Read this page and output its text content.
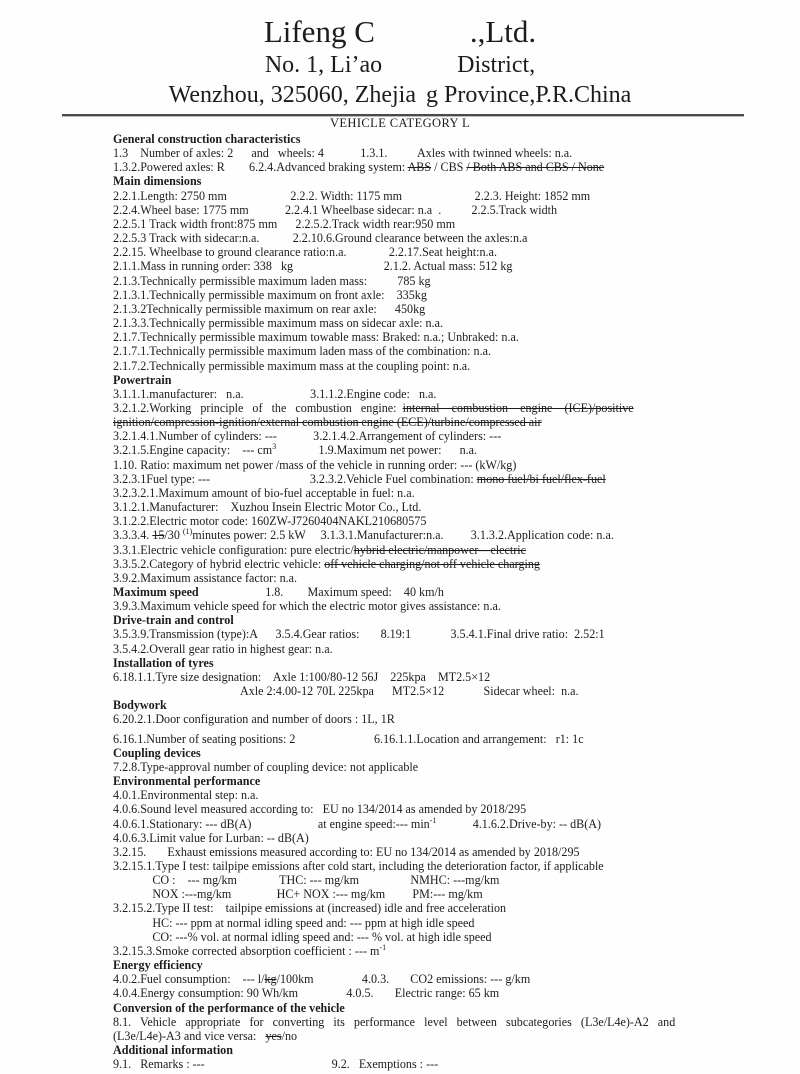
Lifeng C	.,Ltd.
No. 1, Li’ao	District,
Wenzhou, 325060, Zhejia g Province,P.R.China
VEHICLE CATEGORY L
General construction characteristics
1.3    Number of axles: 2      and   wheels: 4            1.3.1.          Axles with twinned wheels: n.a.
1.3.2.Powered axles: R        6.2.4.Advanced braking system: ABS / CBS / Both ABS and CBS / None
Main dimensions
2.2.1.Length: 2750 mm                     2.2.2. Width: 1175 mm                        2.2.3. Height: 1852 mm
2.2.4.Wheel base: 1775 mm            2.2.4.1 Wheelbase sidecar: n.a  .          2.2.5.Track width
2.2.5.1 Track width front:875 mm      2.2.5.2.Track width rear:950 mm
2.2.5.3 Track with sidecar:n.a.           2.2.10.6.Ground clearance between the axles:n.a
2.2.15. Wheelbase to ground clearance ratio:n.a.              2.2.17.Seat height:n.a.
2.1.1.Mass in running order: 338   kg                              2.1.2. Actual mass: 512 kg
2.1.3.Technically permissible maximum laden mass:          785 kg
2.1.3.1.Technically permissible maximum on front axle:    335kg
2.1.3.2Technically permissible maximum on rear axle:      450kg
2.1.3.3.Technically permissible maximum mass on sidecar axle: n.a.
2.1.7.Technically permissible maximum towable mass: Braked: n.a.; Unbraked: n.a.
2.1.7.1.Technically permissible maximum laden mass of the combination: n.a.
2.1.7.2.Technically permissible maximum mass at the coupling point: n.a.
Powertrain
3.1.1.1.manufacturer:   n.a.                      3.1.1.2.Engine code:   n.a.
3.2.1.2.Working   principle   of   the   combustion   engine:  internal    combustion    engine    (ICE)/positive
ignition/compression-ignition/external combustion engine (ECE)/turbine/compressed air
3.2.1.4.1.Number of cylinders: ---            3.2.1.4.2.Arrangement of cylinders: ---
3.2.1.5.Engine capacity:    --- $cm^3$              1.9.Maximum net power:      n.a.
1.10. Ratio: maximum net power /mass of the vehicle in running order: --- (kW/kg)
3.2.3.1Fuel type: ---                                 3.2.3.2.Vehicle Fuel combination: mono fuel/bi fuel/flex-fuel
3.2.3.2.1.Maximum amount of bio-fuel acceptable in fuel: n.a.
3.1.2.1.Manufacturer:    Xuzhou Insein Electric Motor Co., Ltd.
3.1.2.2.Electric motor code: 160ZW-J7260404NAKL210680575
3.3.3.4. 15/30 $^{(1)}$minutes power: 2.5 kW     3.1.3.1.Manufacturer:n.a.         3.1.3.2.Application code: n.a.
3.3.1.Electric vehicle configuration: pure electric/hybrid electric/manpower—electric
3.3.5.2.Category of hybrid electric vehicle: off vehicle charging/not off vehicle charging
3.9.2.Maximum assistance factor: n.a.
Maximum speed                      1.8.        Maximum speed:    40 km/h
3.9.3.Maximum vehicle speed for which the electric motor gives assistance: n.a.
Drive-train and control
3.5.3.9.Transmission (type):A      3.5.4.Gear ratios:       8.19:1             3.5.4.1.Final drive ratio:  2.52:1
3.5.4.2.Overall gear ratio in highest gear: n.a.
Installation of tyres
6.18.1.1.Tyre size designation:    Axle 1:100/80-12 56J    225kpa    MT2.5×12
Axle 2:4.00-12 70L 225kpa      MT2.5×12             Sidecar wheel:  n.a.
Bodywork
6.20.2.1.Door configuration and number of doors : 1L, 1R
6.16.1.Number of seating positions: 2                          6.16.1.1.Location and arrangement:   r1: 1c
Coupling devices
7.2.8.Type-approval number of coupling device: not applicable
Environmental performance
4.0.1.Environmental step: n.a.
4.0.6.Sound level measured according to:   EU no 134/2014 as amended by 2018/295
4.0.6.1.Stationary: --- dB(A)                      at engine speed:--- $\min^{-1}$            4.1.6.2.Drive-by: -- dB(A)
4.0.6.3.Limit value for Lurban: -- dB(A)
3.2.15.       Exhaust emissions measured according to: EU no 134/2014 as amended by 2018/295
3.2.15.1.Type I test: tailpipe emissions after cold start, including the deterioration factor, if applicable
CO :    --- mg/km              THC: --- mg/km                 NMHC: ---mg/km
NOX :---mg/km               HC+ NOX :--- mg/km         PM:--- mg/km
3.2.15.2.Type II test:    tailpipe emissions at (increased) idle and free acceleration
HC: --- ppm at normal idling speed and: --- ppm at high idle speed
CO: ---% vol. at normal idling speed and: --- % vol. at high idle speed
3.2.15.3.Smoke corrected absorption coefficient : --- $m^{-1}$
Energy efficiency
4.0.2.Fuel consumption:    --- l/kg/100km                4.0.3.       CO2 emissions: --- g/km
4.0.4.Energy consumption: 90 Wh/km                4.0.5.       Electric range: 65 km
Conversion of the performance of the vehicle
8.1.   Vehicle   appropriate   for   converting   its   performance   level   between   subcategories   (L3e/L4e)-A2   and
(L3e/L4e)-A3 and vice versa:   yes/no
Additional information
9.1.   Remarks : ---                                          9.2.   Exemptions : ---
